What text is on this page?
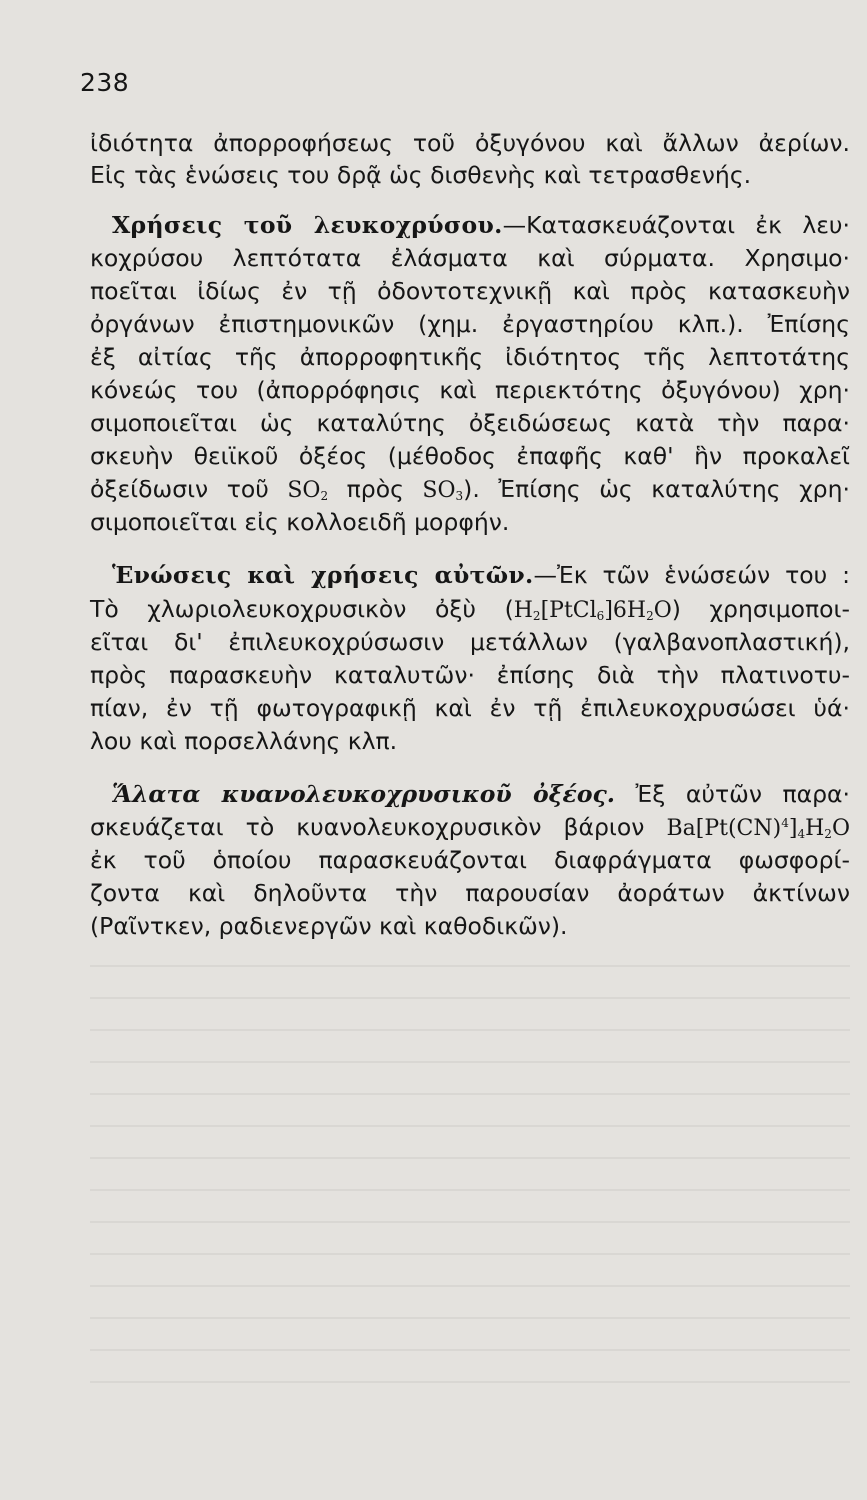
238
ἰδιότητα ἀπορροφήσεως τοῦ ὀξυγόνου καὶ ἄλλων ἀερίων.
Εἰς τὰς ἑνώσεις του δρᾷ ὡς δισθενὴς καὶ τετρασθενής.
Χρήσεις τοῦ λευκοχρύσου.—Κατασκευάζονται ἐκ λευ·
κοχρύσου λεπτότατα ἐλάσματα καὶ σύρματα. Χρησιμο·
ποεῖται ἰδίως ἐν τῇ ὀδοντοτεχνικῇ καὶ πρὸς κατασκευὴν
ὀργάνων ἐπιστημονικῶν (χημ. ἐργαστηρίου κλπ.). Ἐπίσης
ἐξ αἰτίας τῆς ἀπορροφητικῆς ἰδιότητος τῆς λεπτοτάτης
κόνεώς του (ἀπορρόφησις καὶ περιεκτότης ὀξυγόνου) χρη·
σιμοποιεῖται ὡς καταλύτης ὀξειδώσεως κατὰ τὴν παρα·
σκευὴν θειϊκοῦ ὀξέος (μέθοδος ἐπαφῆς καθ' ἣν προκαλεῖ
ὀξείδωσιν τοῦ $SO_2$ πρὸς $SO_3$). Ἐπίσης ὡς καταλύτης χρη·
σιμοποιεῖται εἰς κολλοειδῆ μορφήν.
Ἑνώσεις καὶ χρήσεις αὐτῶν.—Ἐκ τῶν ἑνώσεών του :
Τὸ χλωριολευκοχρυσικὸν ὀξὺ $(H_2[PtCl_6]6H_2O)$ χρησιμοποι-
εῖται δι' ἐπιλευκοχρύσωσιν μετάλλων (γαλβανοπλαστική),
πρὸς παρασκευὴν καταλυτῶν· ἐπίσης διὰ τὴν πλατινοτυ-
πίαν, ἐν τῇ φωτογραφικῇ καὶ ἐν τῇ ἐπιλευκοχρυσώσει ὑά·
λου καὶ πορσελλάνης κλπ.
Ἅλατα κυανολευκοχρυσικοῦ ὀξέος. Ἐξ αὐτῶν παρα·
σκευάζεται τὸ κυανολευκοχρυσικὸν βάριον $Ba[Pt(CN)^4]_4H_2O$
ἐκ τοῦ ὁποίου παρασκευάζονται διαφράγματα φωσφορί-
ζοντα καὶ δηλοῦντα τὴν παρουσίαν ἀοράτων ἀκτίνων
(Ραῖντκεν, ραδιενεργῶν καὶ καθοδικῶν).
